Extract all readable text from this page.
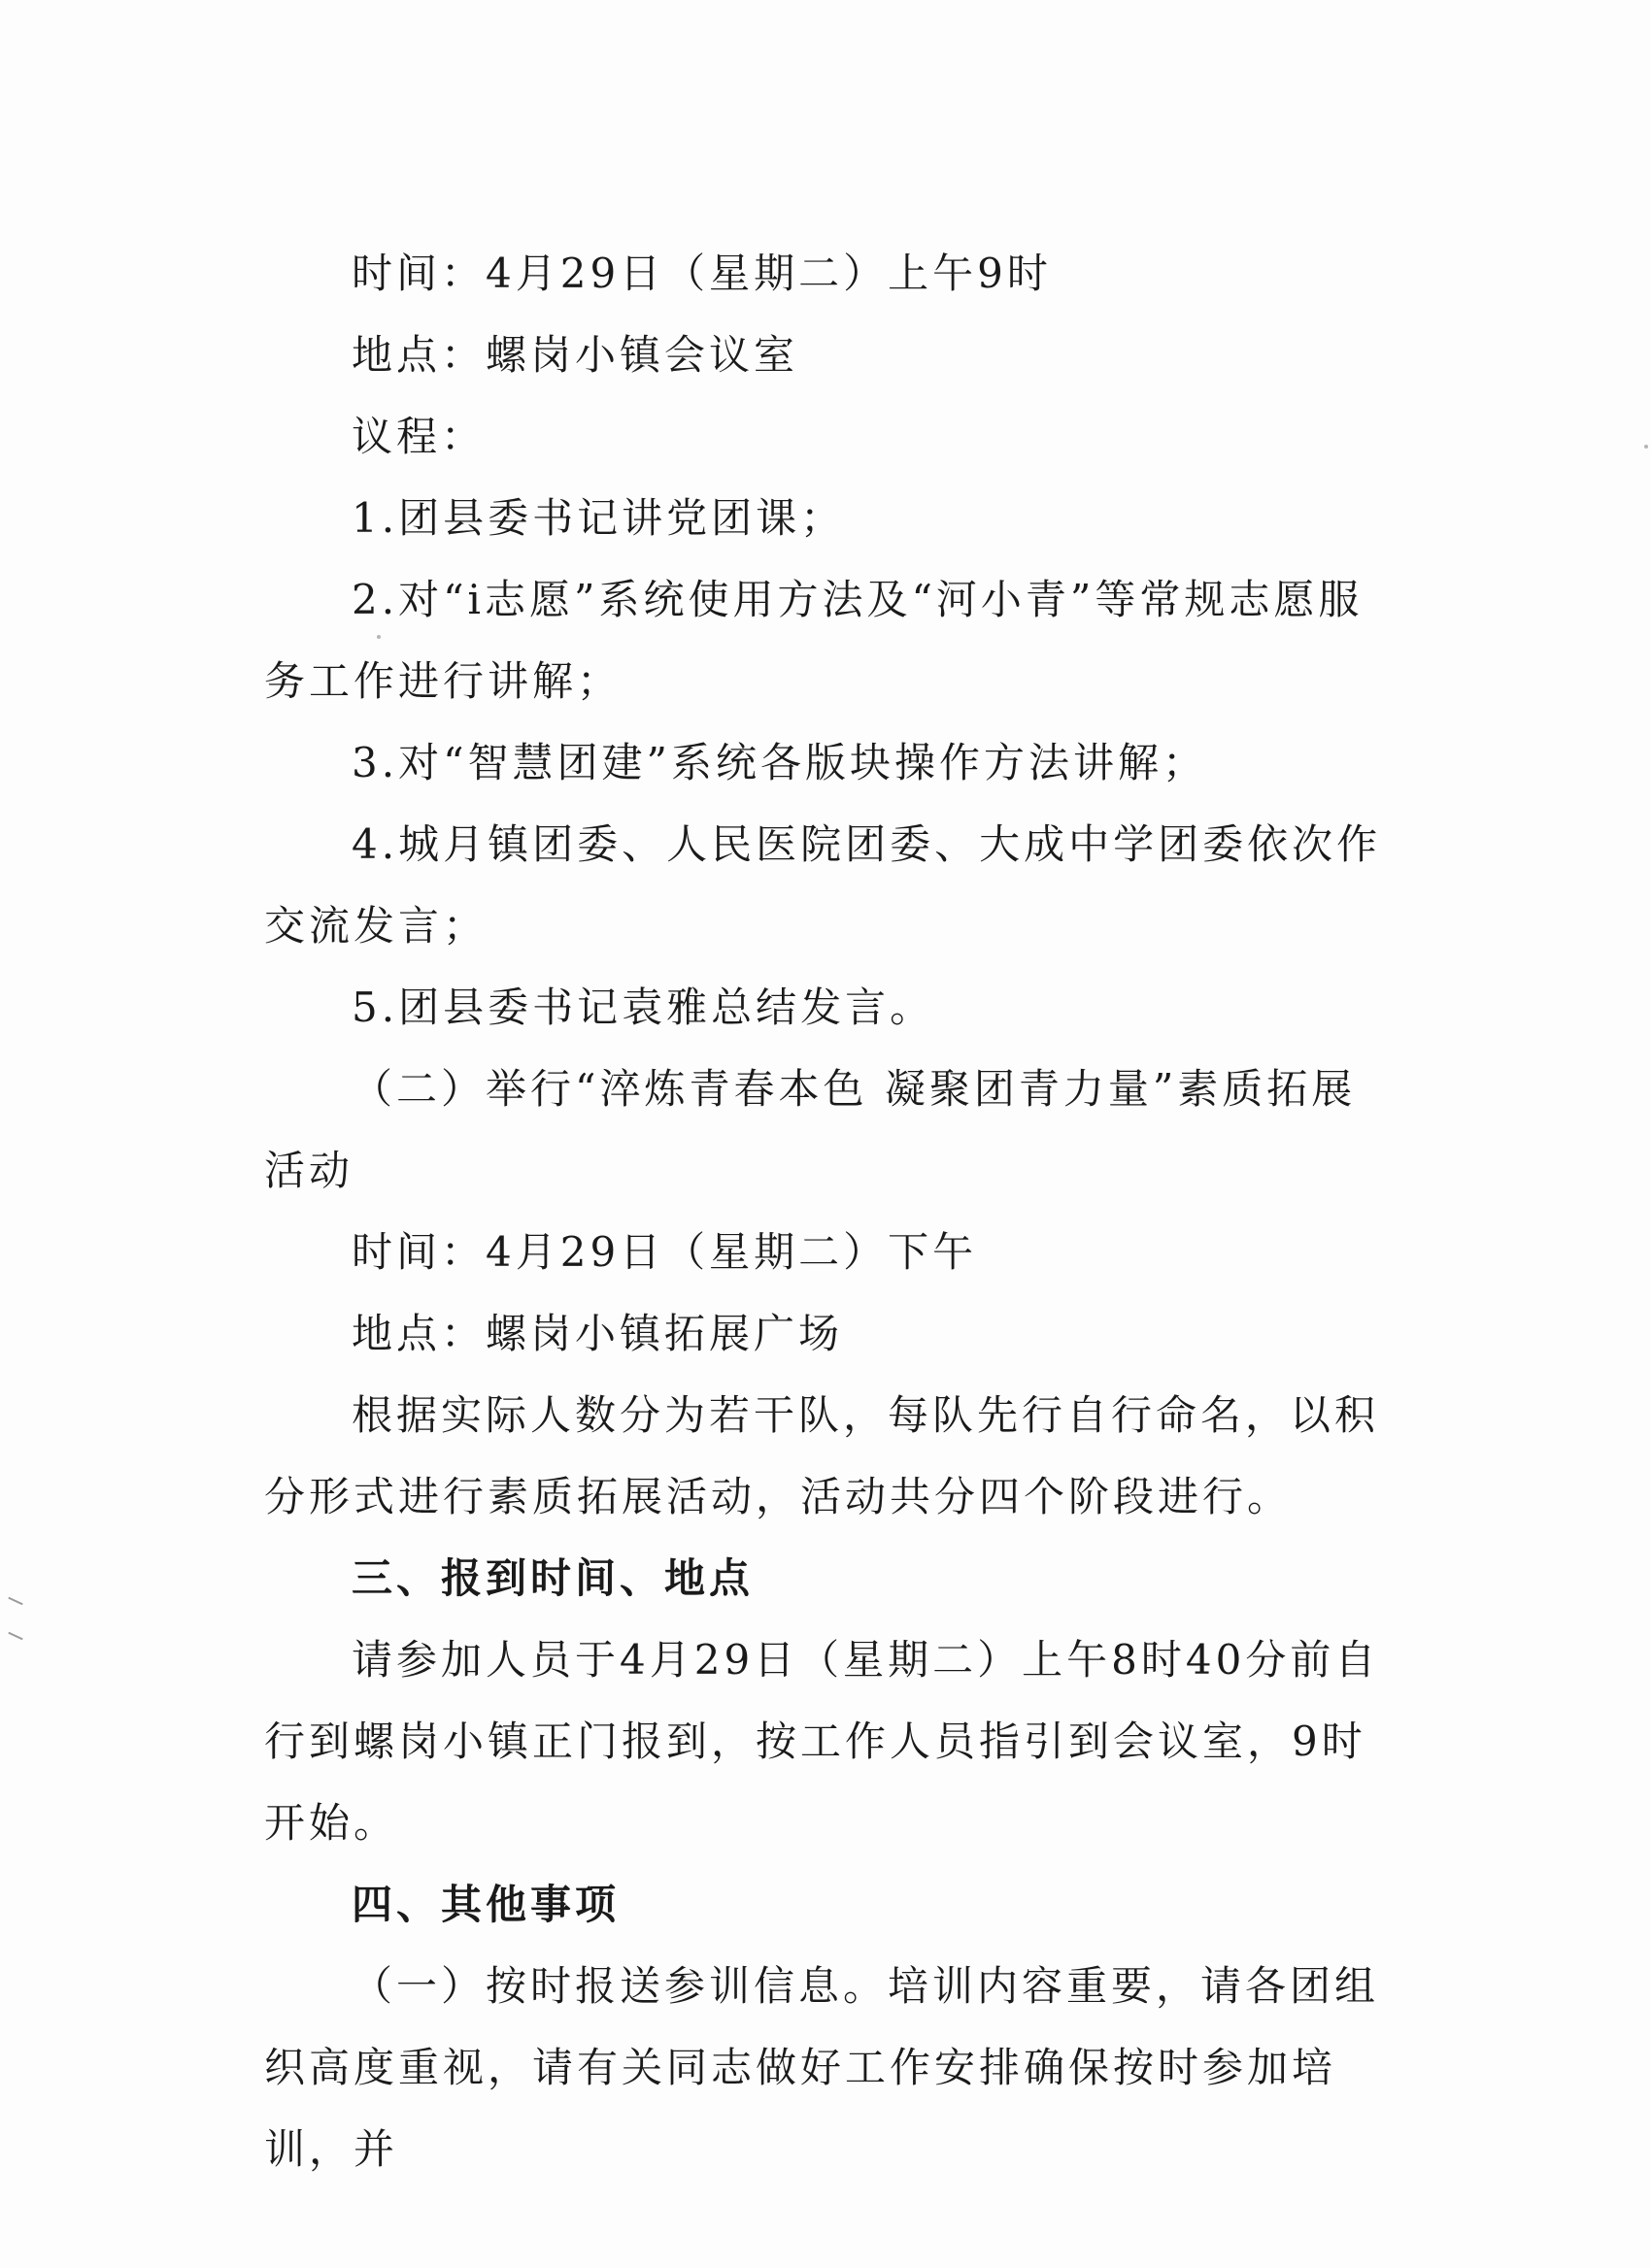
时间：4月29日（星期二）上午9时

地点：螺岗小镇会议室

议程：

1.团县委书记讲党团课；

2.对“i志愿”系统使用方法及“河小青”等常规志愿服务工作进行讲解；

3.对“智慧团建”系统各版块操作方法讲解；

4.城月镇团委、人民医院团委、大成中学团委依次作交流发言；

5.团县委书记袁雅总结发言。

（二）举行“淬炼青春本色 凝聚团青力量”素质拓展活动

时间：4月29日（星期二）下午

地点：螺岗小镇拓展广场

根据实际人数分为若干队，每队先行自行命名，以积分形式进行素质拓展活动，活动共分四个阶段进行。

三、报到时间、地点

请参加人员于4月29日（星期二）上午8时40分前自行到螺岗小镇正门报到，按工作人员指引到会议室，9时开始。

四、其他事项

（一）按时报送参训信息。培训内容重要，请各团组织高度重视，请有关同志做好工作安排确保按时参加培训，并
